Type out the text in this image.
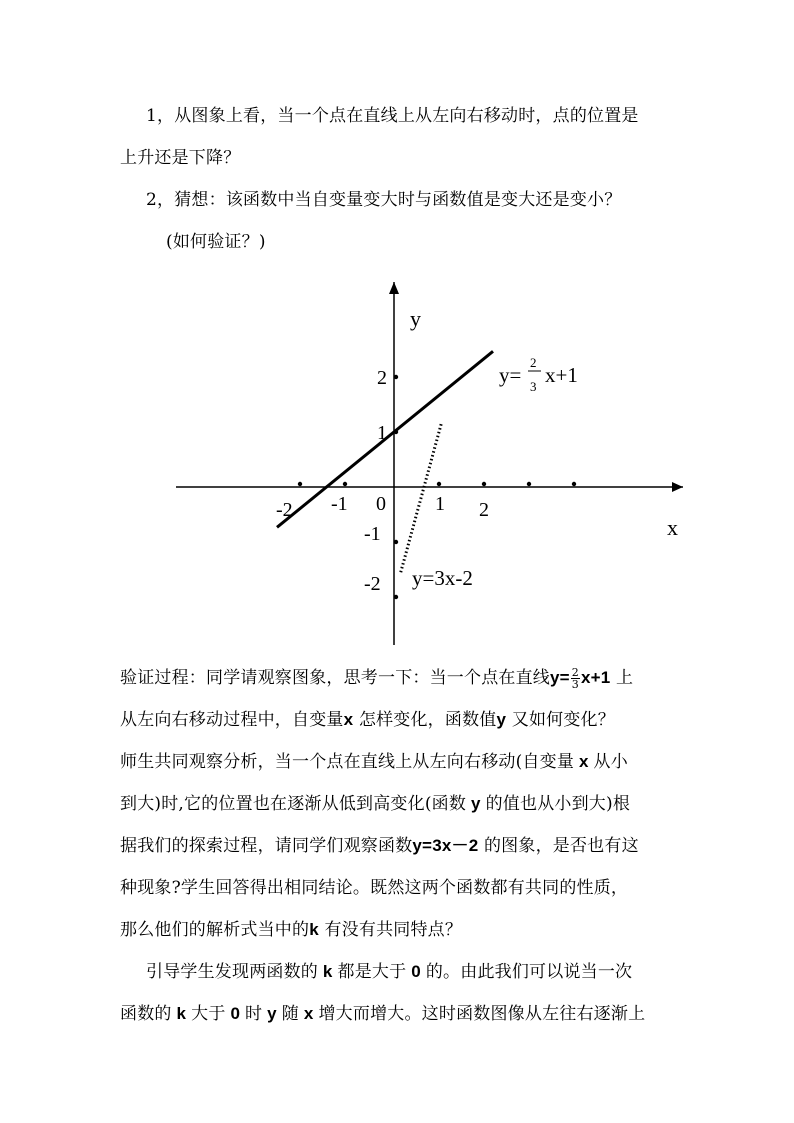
1，从图象上看，当一个点在直线上从左向右移动时，点的位置是
上升还是下降？
2，猜想：该函数中当自变量变大时与函数值是变大还是变小？
(如何验证？)
x
y
-2 -1 0 1 2
2
1
-1
-2
y=
2
3 x+1
y=3x-2
验证过程：同学请观察图象，思考一下：当一个点在直线$y= \frac{2}{3} x+1$ 上
从左向右移动过程中，自变量x 怎样变化，函数值y 又如何变化？
师生共同观察分析，当一个点在直线上从左向右移动(自变量 x 从小
到大)时,它的位置也在逐渐从低到高变化(函数 y 的值也从小到大)根
据我们的探索过程，请同学们观察函数y=3x－2 的图象，是否也有这
种现象?学生回答得出相同结论。既然这两个函数都有共同的性质，
那么他们的解析式当中的k 有没有共同特点？
引导学生发现两函数的 k 都是大于 0 的。由此我们可以说当一次
函数的 k 大于 0 时 y 随 x 增大而增大。这时函数图像从左往右逐渐上
